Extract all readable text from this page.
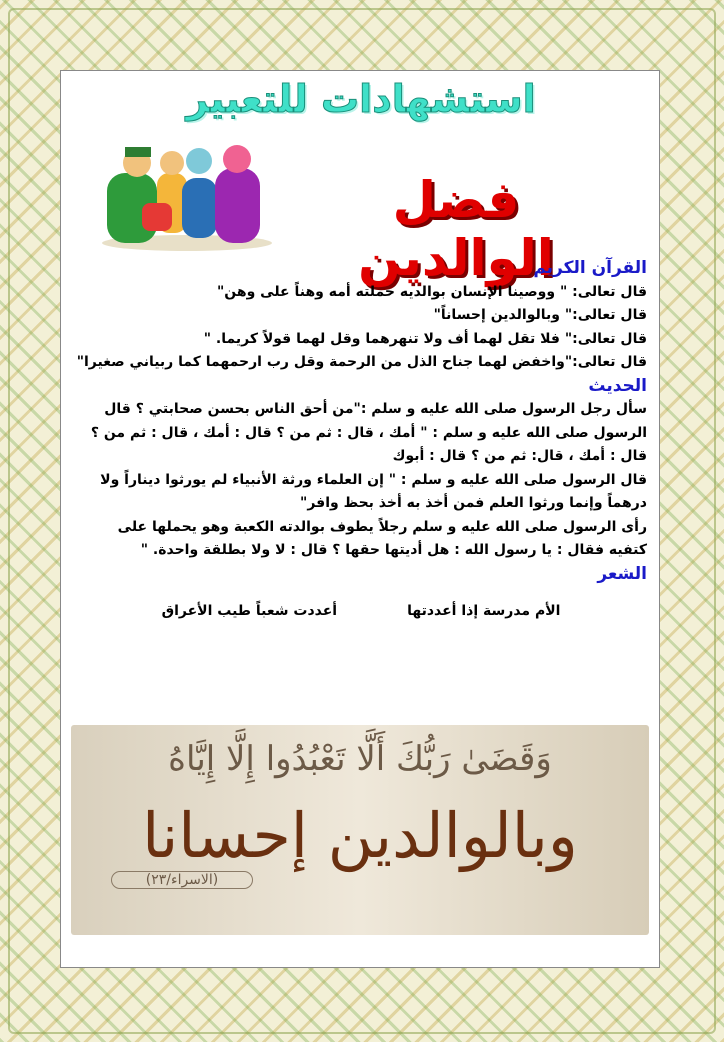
استشهادات للتعبير
فضل الوالدين

القرآن الكريم

قال تعالى: " ووصينا الإنسان بوالديه حملته أمه وهناً على وهن"

قال تعالى:" وبالوالدين إحساناً"

قال تعالى:" فلا تقل لهما أف ولا تنهرهما وقل لهما قولاً كريما. "

قال تعالى:"واخفض لهما جناح الذل من الرحمة وقل رب ارحمهما كما ربياني صغيرا"

الحديث

سأل رجل الرسول صلى الله عليه و سلم :"من أحق الناس بحسن صحابتي ؟ قال الرسول صلى الله عليه و سلم : " أمك ، قال : ثم من ؟ قال : أمك ، قال : ثم من ؟ قال : أمك ، قال: ثم من ؟ قال : أبوك

قال الرسول صلى الله عليه و سلم : " إن العلماء ورثة الأنبياء لم يورثوا ديناراً ولا درهماً وإنما ورثوا العلم فمن أخذ به أخذ بحظ وافر"

رأى الرسول صلى الله عليه و سلم رجلاً يطوف بوالدته الكعبة وهو يحملها على كتفيه فقال : يا رسول الله : هل أديتها حقها ؟ قال : لا ولا بطلقة واحدة. "

الشعر

الأم مدرسة إذا أعددتها
أعددت شعباً طيب الأعراق
وَقَضَىٰ رَبُّكَ أَلَّا تَعْبُدُوا إِلَّا إِيَّاهُ
وبالوالدين إحسانا
(الاسراء/٢٣)
